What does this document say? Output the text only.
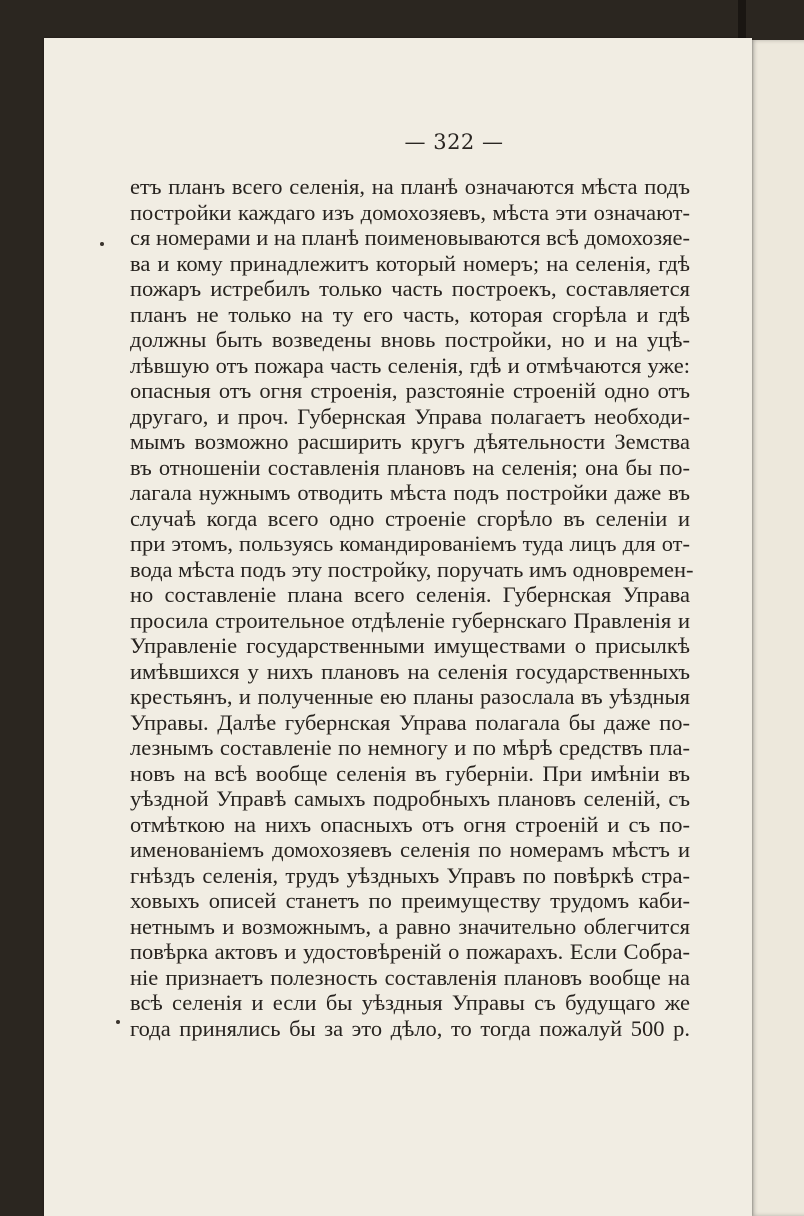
— 322 —
етъ планъ всего селенія, на планѣ означаются мѣста подъ
постройки каждаго изъ домохозяевъ, мѣста эти означают-
ся номерами и на планѣ поименовываются всѣ домохозяе-
ва и кому принадлежитъ который номеръ; на селенія, гдѣ
пожаръ истребилъ только часть построекъ, составляется
планъ не только на ту его часть, которая сгорѣла и гдѣ
должны быть возведены вновь постройки, но и на уцѣ-
лѣвшую отъ пожара часть селенія, гдѣ и отмѣчаются уже:
опасныя отъ огня строенія, разстояніе строеній одно отъ
другаго, и проч. Губернская Управа полагаетъ необходи-
мымъ возможно расширить кругъ дѣятельности Земства
въ отношеніи составленія плановъ на селенія; она бы по-
лагала нужнымъ отводить мѣста подъ постройки даже въ
случаѣ когда всего одно строеніе сгорѣло въ селеніи и
при этомъ, пользуясь командированіемъ туда лицъ для от-
вода мѣста подъ эту постройку, поручать имъ одновремен-
но составленіе плана всего селенія. Губернская Управа
просила строительное отдѣленіе губернскаго Правленія и
Управленіе государственными имуществами о присылкѣ
имѣвшихся у нихъ плановъ на селенія государственныхъ
крестьянъ, и полученные ею планы разослала въ уѣздныя
Управы. Далѣе губернская Управа полагала бы даже по-
лезнымъ составленіе по немногу и по мѣрѣ средствъ пла-
новъ на всѣ вообще селенія въ губерніи. При имѣніи въ
уѣздной Управѣ самыхъ подробныхъ плановъ селеній, съ
отмѣткою на нихъ опасныхъ отъ огня строеній и съ по-
именованіемъ домохозяевъ селенія по номерамъ мѣстъ и
гнѣздъ селенія, трудъ уѣздныхъ Управъ по повѣркѣ стра-
ховыхъ описей станетъ по преимуществу трудомъ каби-
нетнымъ и возможнымъ, а равно значительно облегчится
повѣрка актовъ и удостовѣреній о пожарахъ. Если Собра-
ніе признаетъ полезность составленія плановъ вообще на
всѣ селенія и если бы уѣздныя Управы съ будущаго же
года принялись бы за это дѣло, то тогда пожалуй 500 р.
